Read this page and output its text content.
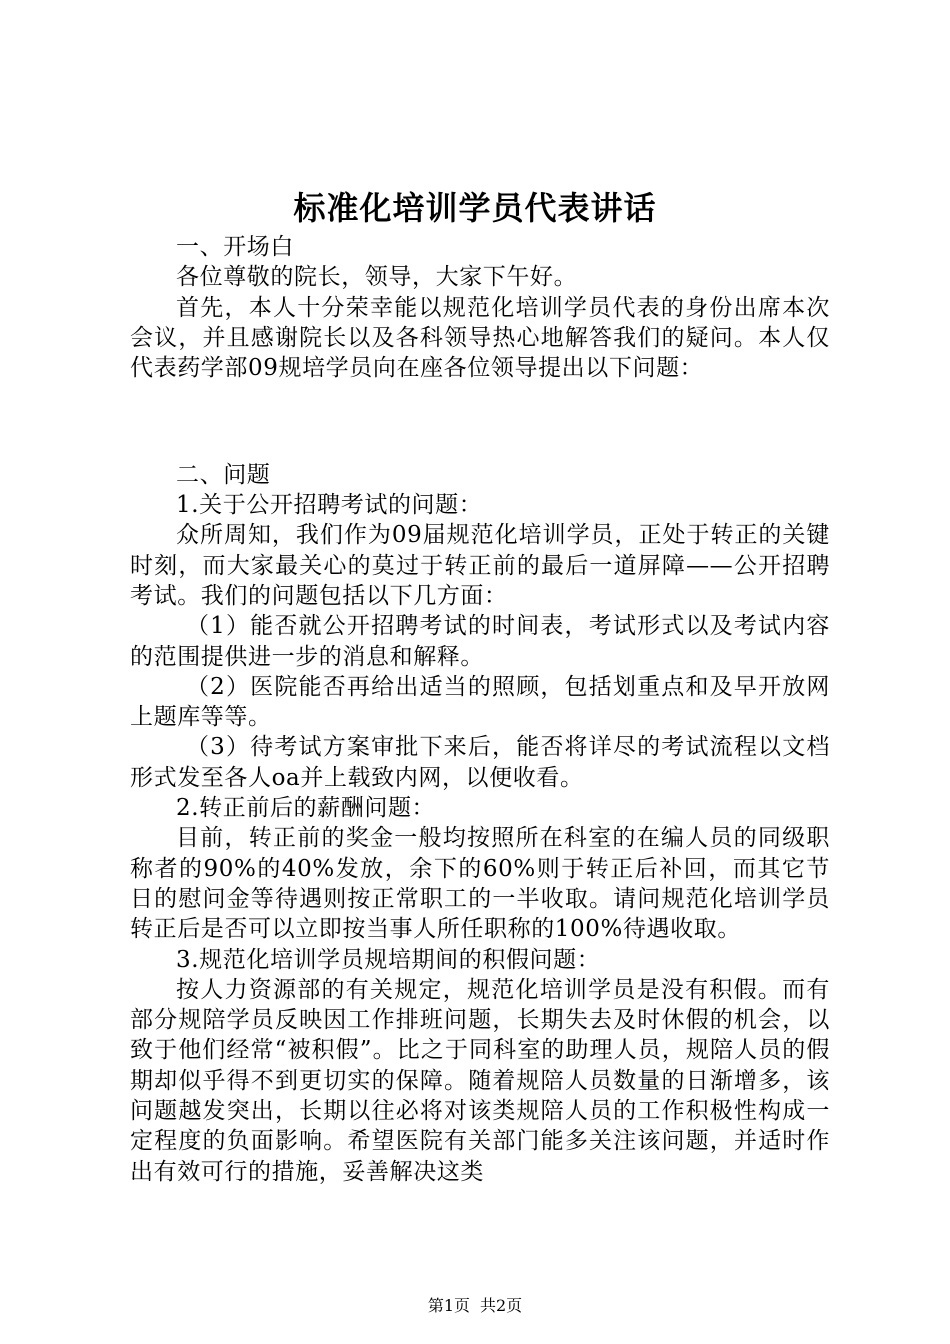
标准化培训学员代表讲话

一、开场白

各位尊敬的院长，领导，大家下午好。

首先，本人十分荣幸能以规范化培训学员代表的身份出席本次会议，并且感谢院长以及各科领导热心地解答我们的疑问。本人仅代表药学部09规培学员向在座各位领导提出以下问题：

二、问题

1.关于公开招聘考试的问题：

众所周知，我们作为09届规范化培训学员，正处于转正的关键时刻，而大家最关心的莫过于转正前的最后一道屏障——公开招聘考试。我们的问题包括以下几方面：

（1）能否就公开招聘考试的时间表，考试形式以及考试内容的范围提供进一步的消息和解释。

（2）医院能否再给出适当的照顾，包括划重点和及早开放网上题库等等。

（3）待考试方案审批下来后，能否将详尽的考试流程以文档形式发至各人oa并上载致内网，以便收看。

2.转正前后的薪酬问题：

目前，转正前的奖金一般均按照所在科室的在编人员的同级职称者的90%的40%发放，余下的60%则于转正后补回，而其它节日的慰问金等待遇则按正常职工的一半收取。请问规范化培训学员转正后是否可以立即按当事人所任职称的100%待遇收取。

3.规范化培训学员规培期间的积假问题：

按人力资源部的有关规定，规范化培训学员是没有积假。而有部分规陪学员反映因工作排班问题，长期失去及时休假的机会，以致于他们经常“被积假”。比之于同科室的助理人员，规陪人员的假期却似乎得不到更切实的保障。随着规陪人员数量的日渐增多，该问题越发突出，长期以往必将对该类规陪人员的工作积极性构成一定程度的负面影响。希望医院有关部门能多关注该问题，并适时作出有效可行的措施，妥善解决这类

第1页 共2页
